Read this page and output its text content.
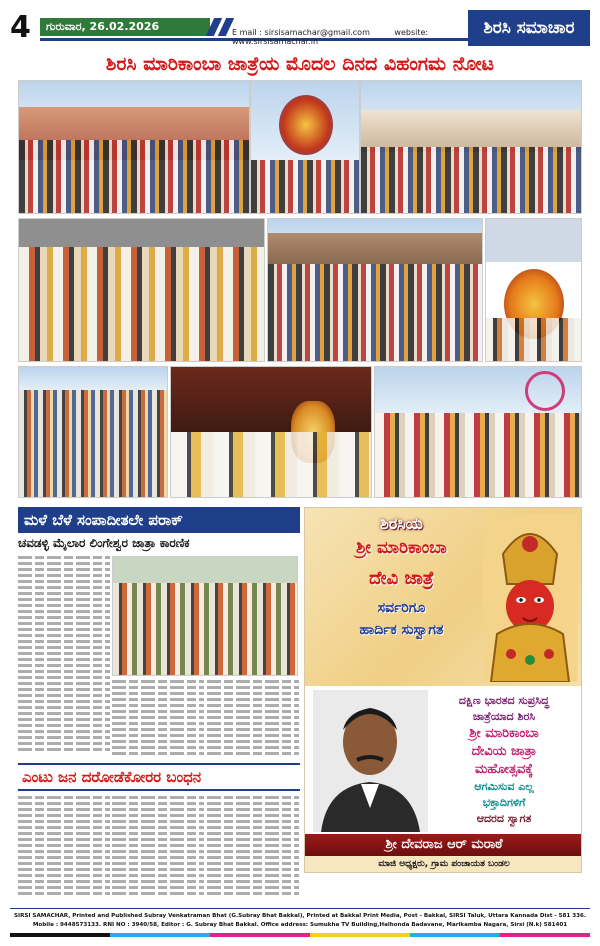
4	ಗುರುವಾರ, 26.02.2026	E mail : sirsisamachar@gmail.com	website: www.sirsisamachar.in
ಶಿರಸಿ ಸಮಾಚಾರ
ಶಿರಸಿ ಮಾರಿಕಾಂಬಾ ಜಾತ್ರೆಯ ಮೊದಲ ದಿನದ ವಿಹಂಗಮ ನೋಟ
ಮಳೆ ಬೆಳೆ ಸಂಪಾದೀತಲೇ ಪರಾಕ್
ಚವಡಳ್ಳಿ ಮೈಲಾರ ಲಿಂಗೇಶ್ವರ ಜಾತ್ರಾ ಕಾರಣಿಕ
ಎಂಟು ಜನ ದರೋಡೆಕೋರರ ಬಂಧನ
ಶಿರಸಿಯ
ಶ್ರೀ ಮಾರಿಕಾಂಬಾ
ದೇವಿ ಜಾತ್ರೆ
ಸರ್ವರಿಗೂ
ಹಾರ್ದಿಕ ಸುಸ್ವಾಗತ
ದಕ್ಷಿಣ ಭಾರತದ ಸುಪ್ರಸಿದ್ಧ
ಜಾತ್ರೆಯಾದ ಶಿರಸಿ
ಶ್ರೀ ಮಾರಿಕಾಂಬಾ
ದೇವಿಯ ಜಾತ್ರಾ
ಮಹೋತ್ಸವಕ್ಕೆ
ಆಗಮಿಸುವ ಎಲ್ಲ
ಭಕ್ತಾದಿಗಳಿಗೆ
ಆದರದ ಸ್ವಾಗತ
ಶ್ರೀ ದೇವರಾಜ ಆರ್ ಮರಾಠೆ
ಮಾಜಿ ಅಧ್ಯಕ್ಷರು, ಗ್ರಾಮ ಪಂಚಾಯತ ಬಂಡಲ
SIRSI SAMACHAR, Printed and Published Subray Venkatraman Bhat (G.Subray Bhat Bakkal), Printed at Bakkal Print Media, Post - Bakkal, SIRSI Taluk, Uttara Kannada Dist - 581 336.
Mobile : 9448573133. RNI NO : 3940/58, Editor : G. Subray Bhat Bakkal. Office address: Sumukha TV Building,Halhonda Badavane, Marikamba Nagara, Sirsi (N.k) 581401
